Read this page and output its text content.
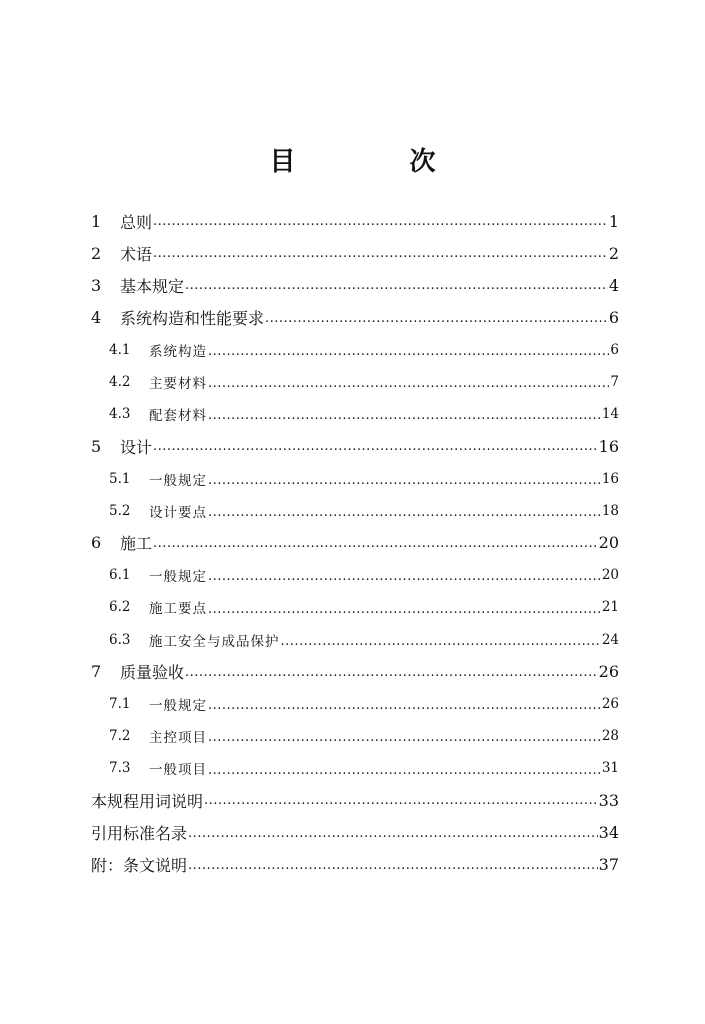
目　次
1	总则 .....	1
2	术语 .....	2
3	基本规定 .....	4
4	系统构造和性能要求 .....	6
4.1	系统构造 .....	6
4.2	主要材料 .....	7
4.3	配套材料 .....	14
5	设计 .....	16
5.1	一般规定 .....	16
5.2	设计要点 .....	18
6	施工 .....	20
6.1	一般规定 .....	20
6.2	施工要点 .....	21
6.3	施工安全与成品保护 .....	24
7	质量验收 .....	26
7.1	一般规定 .....	26
7.2	主控项目 .....	28
7.3	一般项目 .....	31
本规程用词说明 .....	33
引用标准名录 .....	34
附：条文说明 .....	37
